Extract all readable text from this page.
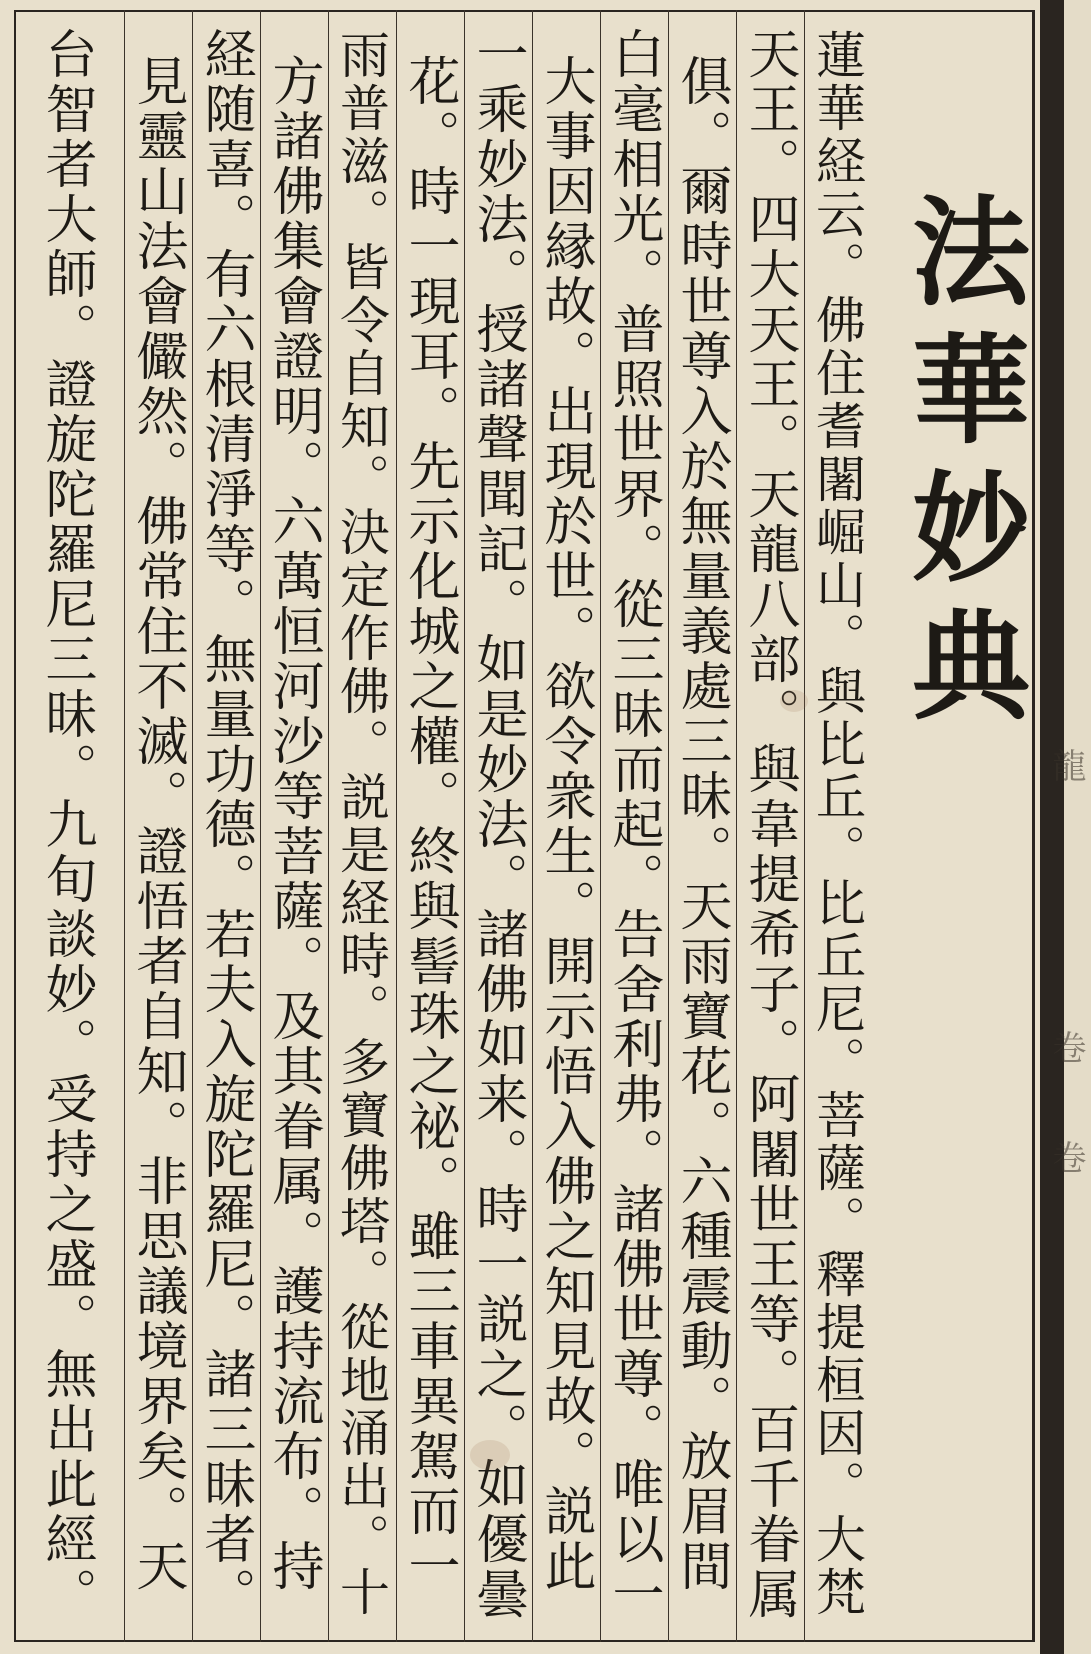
龍
卷
卷
法華妙典
蓮華経云。佛住耆闍崛山。與比丘。比丘尼。菩薩。釋提桓因。大梵
天王。四大天王。天龍八部。與韋提希子。阿闍世王等。百千眷属
俱。爾時世尊入於無量義處三昧。天雨寶花。六種震動。放眉間
白毫相光。普照世界。從三昧而起。告舍利弗。諸佛世尊。唯以一
大事因縁故。出現於世。欲令衆生。開示悟入佛之知見故。説此
一乘妙法。授諸聲聞記。如是妙法。諸佛如来。時一説之。如優曇
花。時一現耳。先示化城之權。終與髻珠之祕。雖三車異駕而一
雨普滋。皆令自知。決定作佛。説是経時。多寶佛塔。從地涌出。十
方諸佛集會證明。六萬恒河沙等菩薩。及其眷属。護持流布。持
経随喜。有六根清淨等。無量功德。若夫入旋陀羅尼。諸三昧者。
見靈山法會儼然。佛常住不滅。證悟者自知。非思議境界矣。天
台智者大師。證旋陀羅尼三昧。九旬談妙。受持之盛。無出此經。
